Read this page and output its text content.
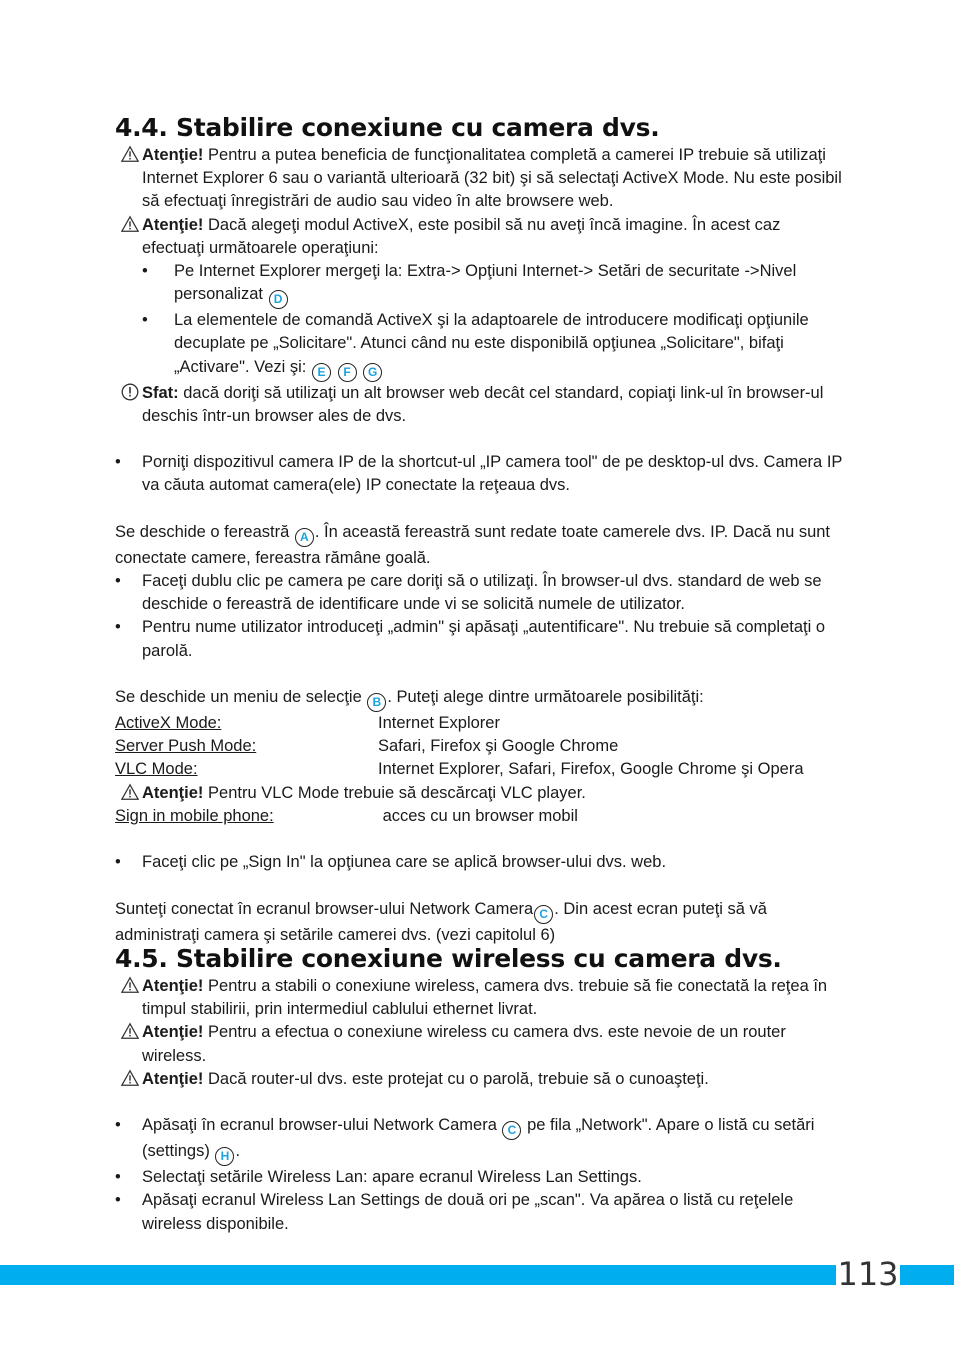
4.4. Stabilire conexiune cu camera dvs.
Atenţie! Pentru a putea beneficia de funcţionalitatea completă a camerei IP trebuie să utilizaţi Internet Explorer 6 sau o variantă ulterioară (32 bit) şi să selectaţi ActiveX Mode. Nu este posibil să efectuaţi înregistrări de audio sau video în alte browsere web.
Atenţie! Dacă alegeţi modul ActiveX, este posibil să nu aveţi încă imagine. În acest caz efectuaţi următoarele operaţiuni:
• Pe Internet Explorer mergeţi la: Extra-> Opţiuni Internet-> Setări de securitate ->Nivel personalizat D
• La elementele de comandă ActiveX şi la adaptoarele de introducere modificaţi opţiunile decuplate pe „Solicitare". Atunci când nu este disponibilă opţiunea „Solicitare", bifaţi „Activare". Vezi şi: E F G
Sfat: dacă doriţi să utilizaţi un alt browser web decât cel standard, copiaţi link-ul în browser-ul deschis într-un browser ales de dvs.
• Porniţi dispozitivul camera IP de la shortcut-ul „IP camera tool" de pe desktop-ul dvs. Camera IP va căuta automat camera(ele) IP conectate la reţeaua dvs.
Se deschide o fereastră A . În această fereastră sunt redate toate camerele dvs. IP. Dacă nu sunt conectate camere, fereastra rămâne goală.
• Faceţi dublu clic pe camera pe care doriţi să o utilizaţi. În browser-ul dvs. standard de web se deschide o fereastră de identificare unde vi se solicită numele de utilizator.
• Pentru nume utilizator introduceţi „admin" şi apăsaţi „autentificare". Nu trebuie să completaţi o parolă.
Se deschide un meniu de selecţie B . Puteţi alege dintre următoarele posibilităţi:
ActiveX Mode:	Internet Explorer
Server Push Mode:	Safari, Firefox şi Google Chrome
VLC Mode:	Internet Explorer, Safari, Firefox, Google Chrome şi Opera
Atenţie! Pentru VLC Mode trebuie să descărcaţi VLC player.
Sign in mobile phone:	acces cu un browser mobil
• Faceţi clic pe „Sign In" la opţiunea care se aplică browser-ului dvs. web.
Sunteţi conectat în ecranul browser-ului Network Camera C . Din acest ecran puteţi să vă administraţi camera şi setările camerei dvs. (vezi capitolul 6)
4.5. Stabilire conexiune wireless cu camera dvs.
Atenţie! Pentru a stabili o conexiune wireless, camera dvs. trebuie să fie conectată la reţea în timpul stabilirii, prin intermediul cablului ethernet livrat.
Atenţie! Pentru a efectua o conexiune wireless cu camera dvs. este nevoie de un router wireless.
Atenţie! Dacă router-ul dvs. este protejat cu o parolă, trebuie să o cunoaşteţi.
• Apăsaţi în ecranul browser-ului Network Camera C pe fila „Network". Apare o listă cu setări (settings) H .
• Selectaţi setările Wireless Lan: apare ecranul Wireless Lan Settings.
• Apăsaţi ecranul Wireless Lan Settings de două ori pe „scan". Va apărea o listă cu reţelele wireless disponibile.
113
